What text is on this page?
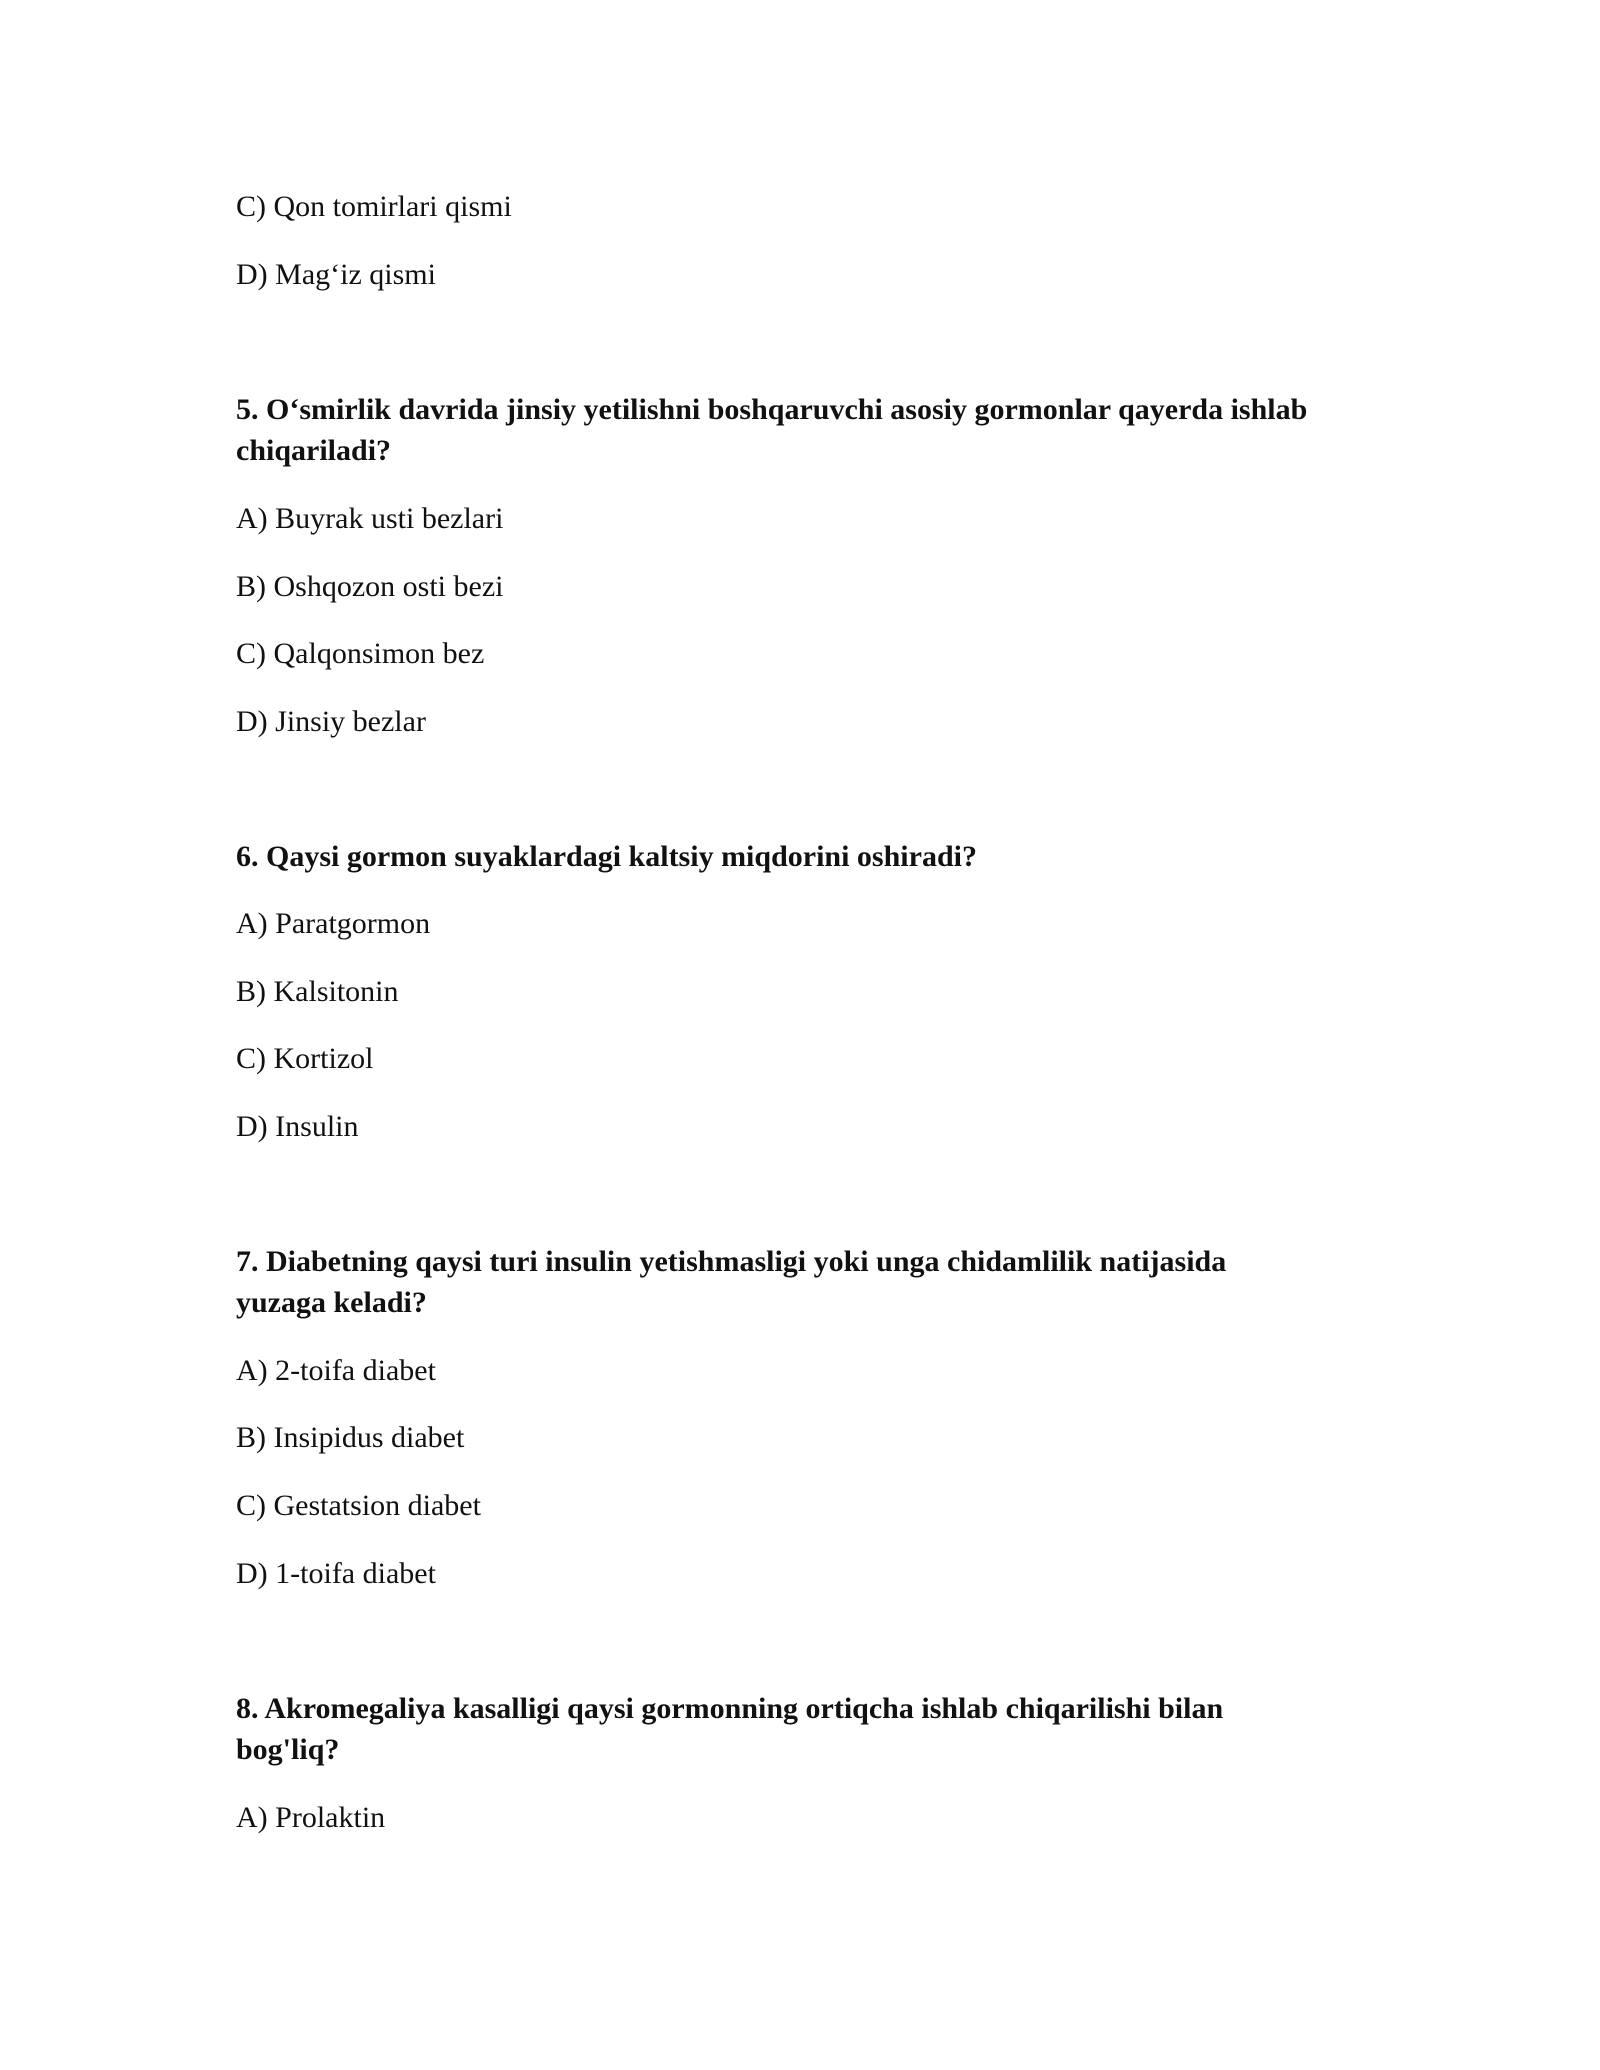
C) Qon tomirlari qismi
D) Mag‘iz qismi
5. O‘smirlik davrida jinsiy yetilishni boshqaruvchi asosiy gormonlar qayerda ishlab
chiqariladi?
A) Buyrak usti bezlari
B) Oshqozon osti bezi
C) Qalqonsimon bez
D) Jinsiy bezlar
6. Qaysi gormon suyaklardagi kaltsiy miqdorini oshiradi?
A) Paratgormon
B) Kalsitonin
C) Kortizol
D) Insulin
7. Diabetning qaysi turi insulin yetishmasligi yoki unga chidamlilik natijasida
yuzaga keladi?
A) 2-toifa diabet
B) Insipidus diabet
C) Gestatsion diabet
D) 1-toifa diabet
8. Akromegaliya kasalligi qaysi gormonning ortiqcha ishlab chiqarilishi bilan
bog'liq?
A) Prolaktin
